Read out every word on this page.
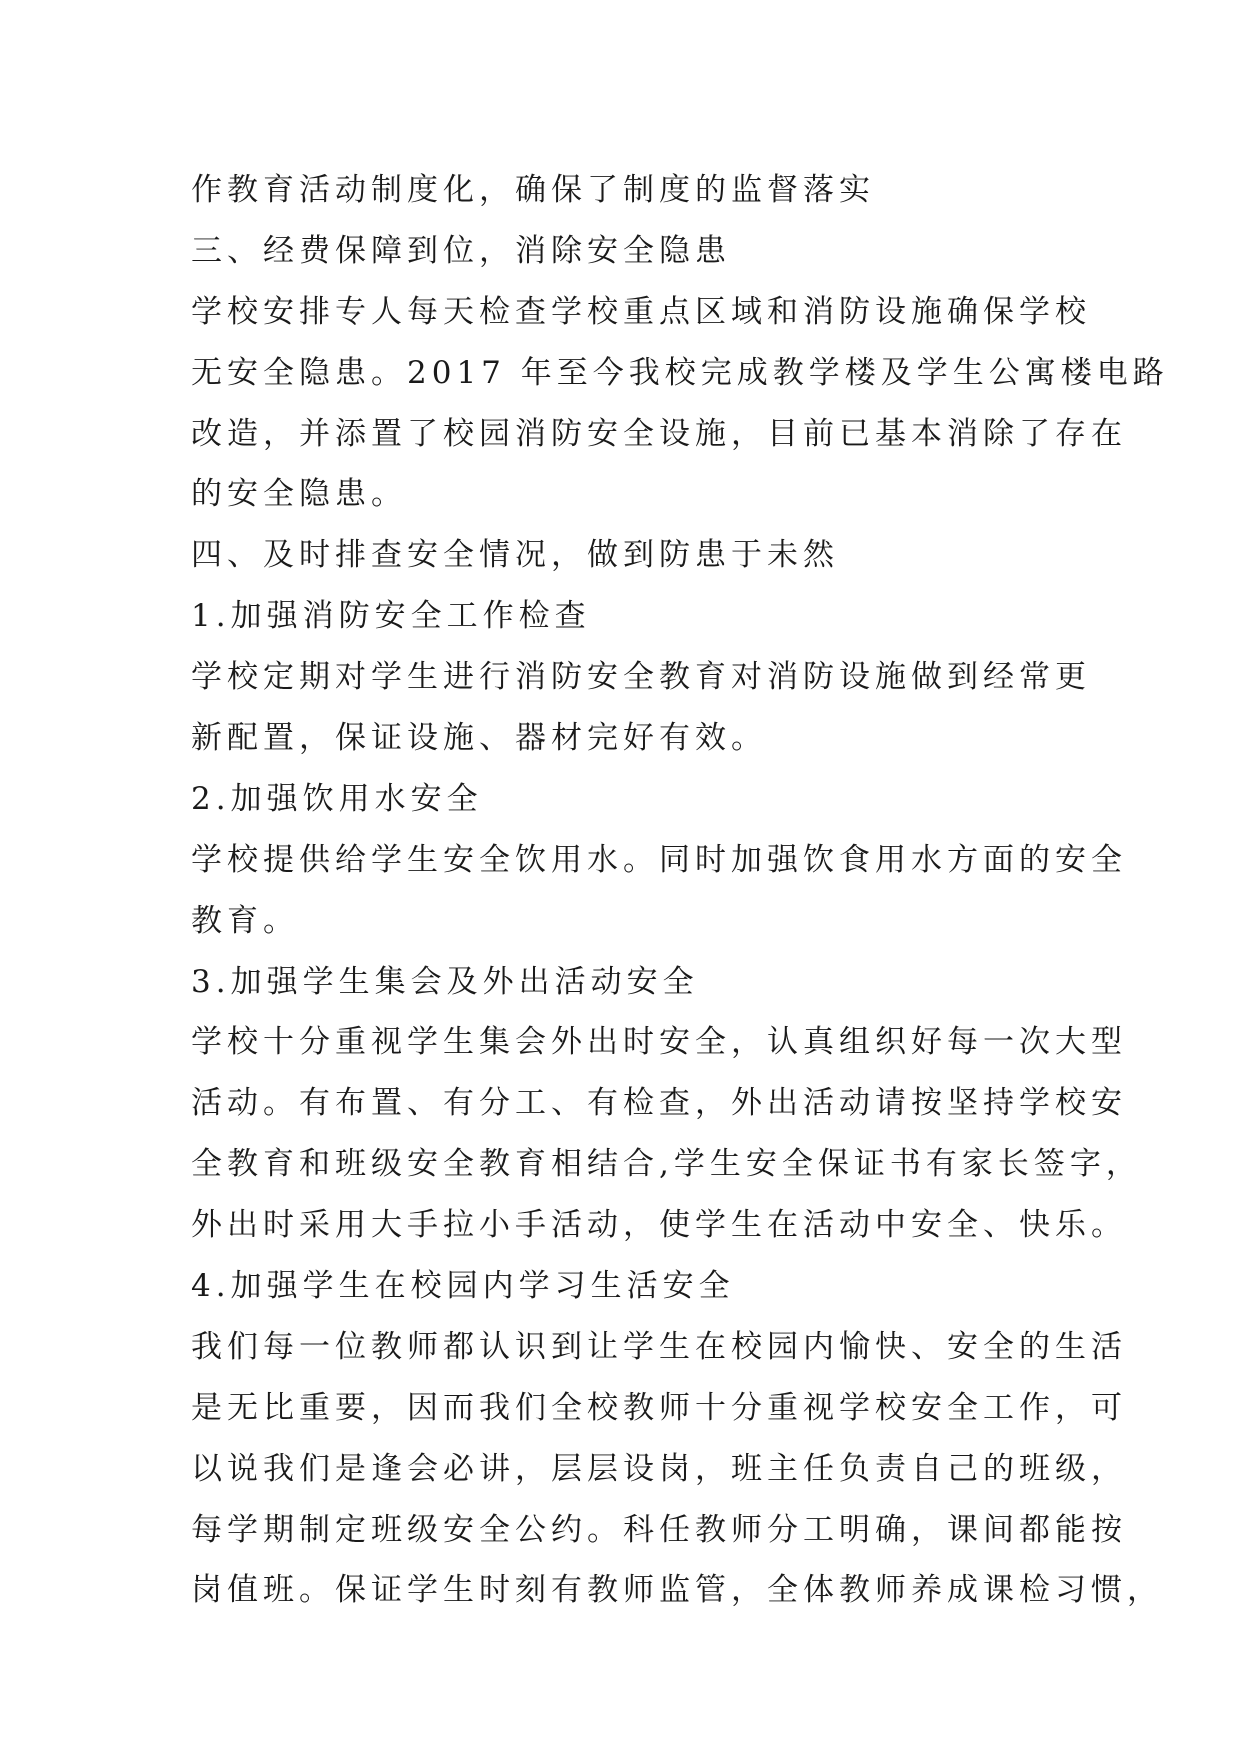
作教育活动制度化，确保了制度的监督落实
三、经费保障到位，消除安全隐患
学校安排专人每天检查学校重点区域和消防设施确保学校
无安全隐患。2017 年至今我校完成教学楼及学生公寓楼电路
改造，并添置了校园消防安全设施，目前已基本消除了存在
的安全隐患。
四、及时排查安全情况，做到防患于未然
1.加强消防安全工作检查
学校定期对学生进行消防安全教育对消防设施做到经常更
新配置，保证设施、器材完好有效。
2.加强饮用水安全
学校提供给学生安全饮用水。同时加强饮食用水方面的安全
教育。
3.加强学生集会及外出活动安全
学校十分重视学生集会外出时安全，认真组织好每一次大型
活动。有布置、有分工、有检查，外出活动请按坚持学校安
全教育和班级安全教育相结合,学生安全保证书有家长签字，
外出时采用大手拉小手活动，使学生在活动中安全、快乐。
4.加强学生在校园内学习生活安全
我们每一位教师都认识到让学生在校园内愉快、安全的生活
是无比重要，因而我们全校教师十分重视学校安全工作，可
以说我们是逢会必讲，层层设岗，班主任负责自己的班级，
每学期制定班级安全公约。科任教师分工明确，课间都能按
岗值班。保证学生时刻有教师监管，全体教师养成课检习惯，
